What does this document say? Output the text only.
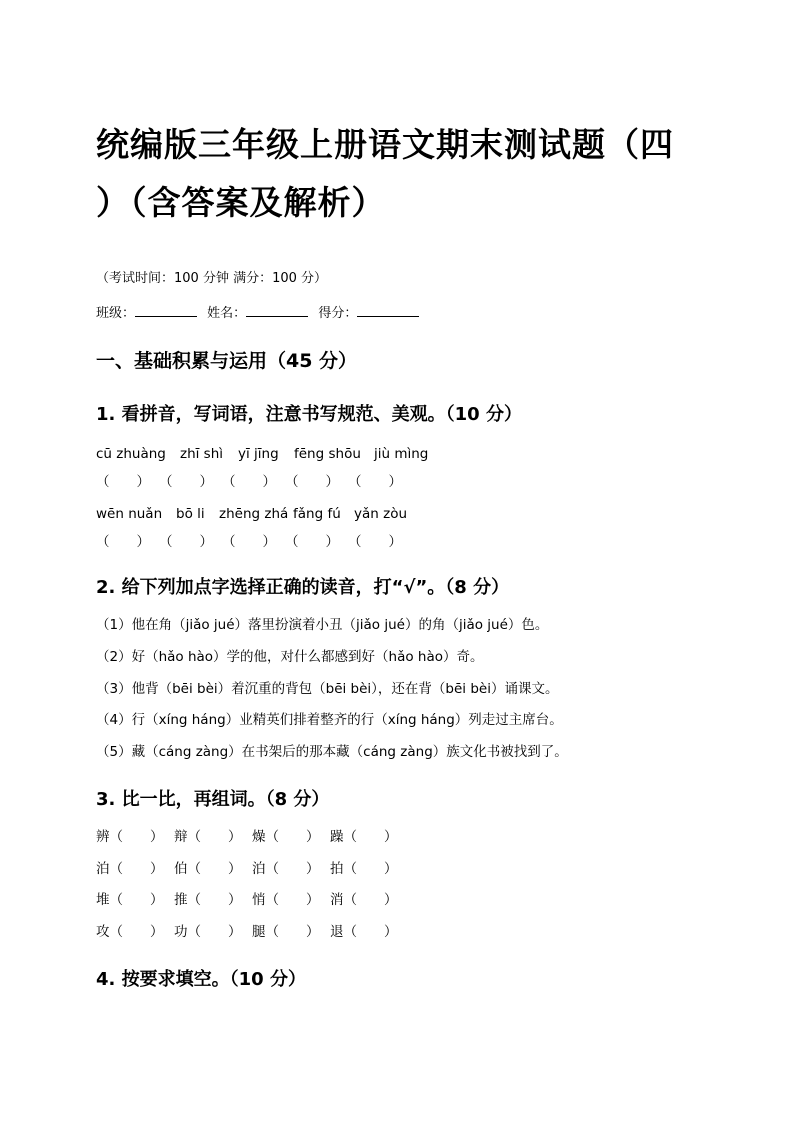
统编版三年级上册语文期末测试题（四
）（含答案及解析）
（考试时间：100 分钟 满分：100 分）
班级：	姓名：	得分：
一、基础积累与运用（45 分）
1. 看拼音，写词语，注意书写规范、美观。（10 分）
cū zhuàng zhī shì yī jīng fēng shōu jiù mìng
（　　） （　　） （　　） （　　） （　　）
wēn nuǎn bō li zhēng zhá fǎng fú yǎn zòu
（　　） （　　） （　　） （　　） （　　）
2. 给下列加点字选择正确的读音，打“√”。（8 分）
（1）他在角（jiǎo jué）落里扮演着小丑（jiǎo jué）的角（jiǎo jué）色。
（2）好（hǎo hào）学的他，对什么都感到好（hǎo hào）奇。
（3）他背（bēi bèi）着沉重的背包（bēi bèi），还在背（bēi bèi）诵课文。
（4）行（xíng háng）业精英们排着整齐的行（xíng háng）列走过主席台。
（5）藏（cáng zàng）在书架后的那本藏（cáng zàng）族文化书被找到了。
3. 比一比，再组词。（8 分）
辨（　　） 辩（　　） 燥（　　） 躁（　　）
泊（　　） 伯（　　） 泊（　　） 拍（　　）
堆（　　） 推（　　） 悄（　　） 消（　　）
攻（　　） 功（　　） 腿（　　） 退（　　）
4. 按要求填空。（10 分）
